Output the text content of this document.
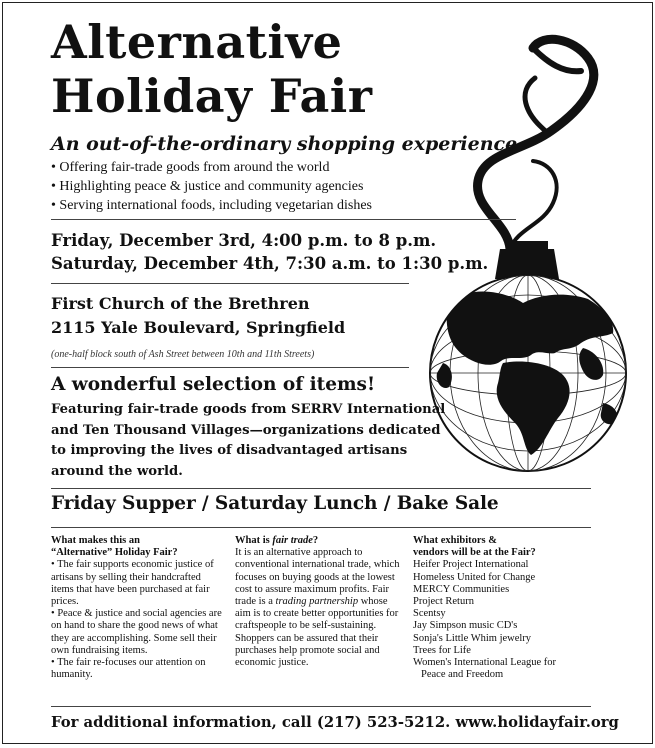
Alternative
Holiday Fair

An out-of-the-ordinary shopping experience

• Offering fair-trade goods from around the world
• Highlighting peace & justice and community agencies
• Serving international foods, including vegetarian dishes

Friday, December 3rd, 4:00 p.m. to 8 p.m.
Saturday, December 4th, 7:30 a.m. to 1:30 p.m.

First Church of the Brethren
2115 Yale Boulevard, Springfield

(one-half block south of Ash Street between 10th and 11th Streets)

A wonderful selection of items!

Featuring fair-trade goods from SERRV International and Ten Thousand Villages—organizations dedicated to improving the lives of disadvantaged artisans around the world.

Friday Supper / Saturday Lunch / Bake Sale

What makes this an
“Alternative” Holiday Fair?

• The fair supports economic justice of artisans by selling their handcrafted items that have been purchased at fair prices.
• Peace & justice and social agencies are on hand to share the good news of what they are accomplishing. Some sell their own fundraising items.
• The fair re-focuses our attention on humanity.

What is fair trade?

It is an alternative approach to conventional international trade, which focuses on buying goods at the lowest cost to assure maximum profits. Fair trade is a trading partnership whose aim is to create better opportunities for craftspeople to be self-sustaining. Shoppers can be assured that their purchases help promote social and economic justice.

What exhibitors &
vendors will be at the Fair?

Heifer Project International

Homeless United for Change

MERCY Communities

Project Return

Scentsy

Jay Simpson music CD's

Sonja's Little Whim jewelry

Trees for Life

Women's International League for

Peace and Freedom

For additional information, call (217) 523-5212. www.holidayfair.org
